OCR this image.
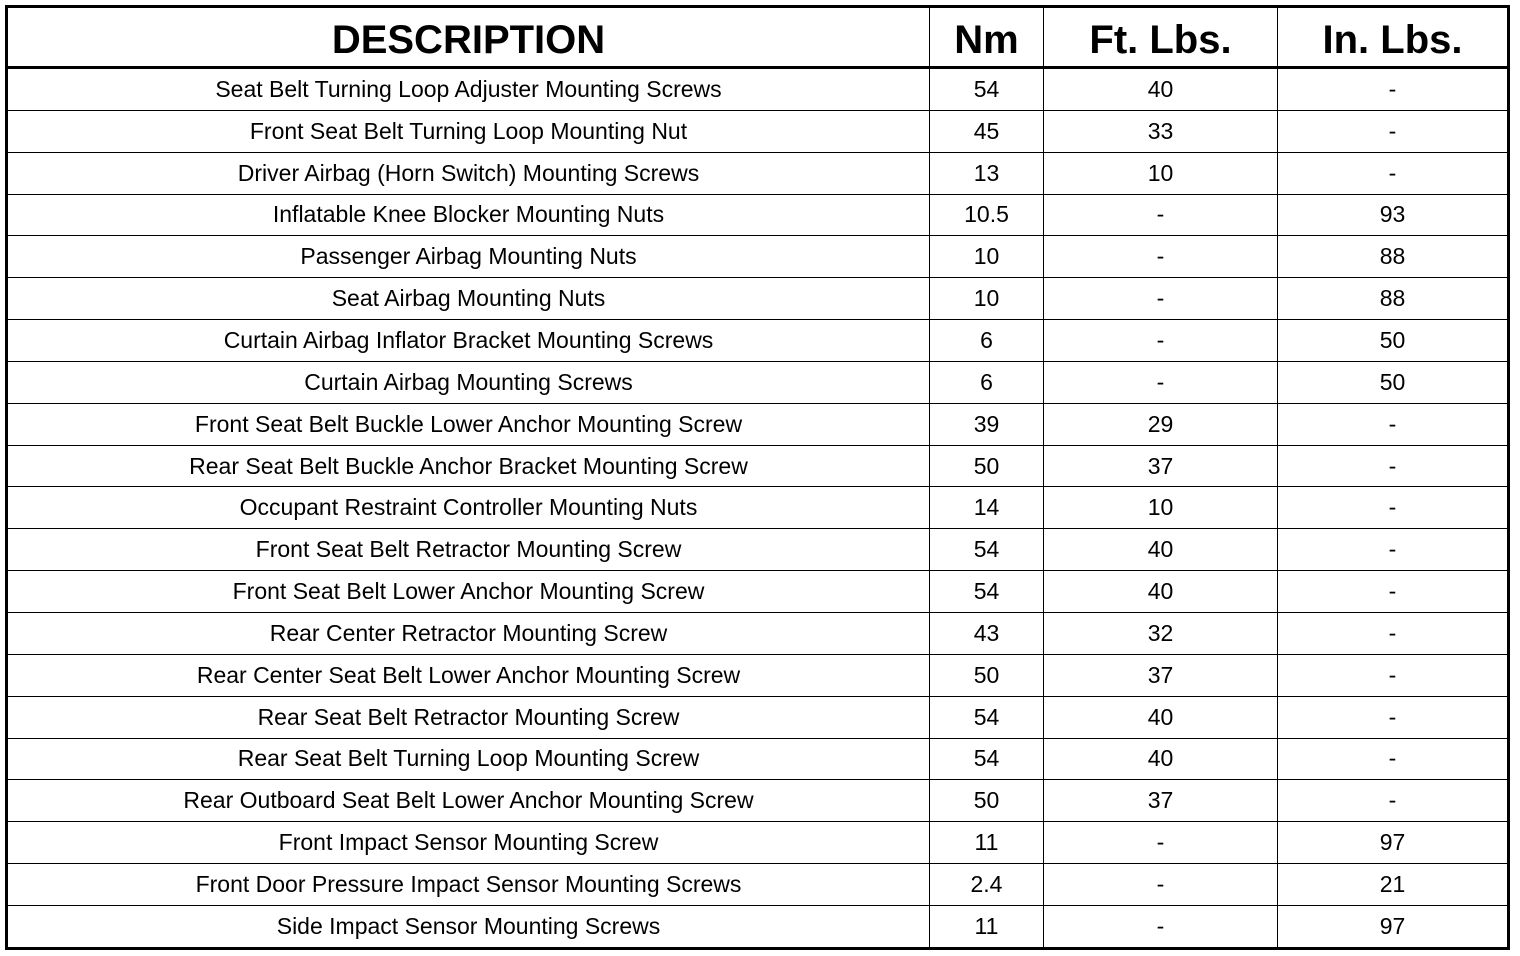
DESCRIPTION	Nm	Ft. Lbs.	In. Lbs.
Seat Belt Turning Loop Adjuster Mounting Screws	54	40	-
Front Seat Belt Turning Loop Mounting Nut	45	33	-
Driver Airbag (Horn Switch) Mounting Screws	13	10	-
Inflatable Knee Blocker Mounting Nuts	10.5	-	93
Passenger Airbag Mounting Nuts	10	-	88
Seat Airbag Mounting Nuts	10	-	88
Curtain Airbag Inflator Bracket Mounting Screws	6	-	50
Curtain Airbag Mounting Screws	6	-	50
Front Seat Belt Buckle Lower Anchor Mounting Screw	39	29	-
Rear Seat Belt Buckle Anchor Bracket Mounting Screw	50	37	-
Occupant Restraint Controller Mounting Nuts	14	10	-
Front Seat Belt Retractor Mounting Screw	54	40	-
Front Seat Belt Lower Anchor Mounting Screw	54	40	-
Rear Center Retractor Mounting Screw	43	32	-
Rear Center Seat Belt Lower Anchor Mounting Screw	50	37	-
Rear Seat Belt Retractor Mounting Screw	54	40	-
Rear Seat Belt Turning Loop Mounting Screw	54	40	-
Rear Outboard Seat Belt Lower Anchor Mounting Screw	50	37	-
Front Impact Sensor Mounting Screw	11	-	97
Front Door Pressure Impact Sensor Mounting Screws	2.4	-	21
Side Impact Sensor Mounting Screws	11	-	97
